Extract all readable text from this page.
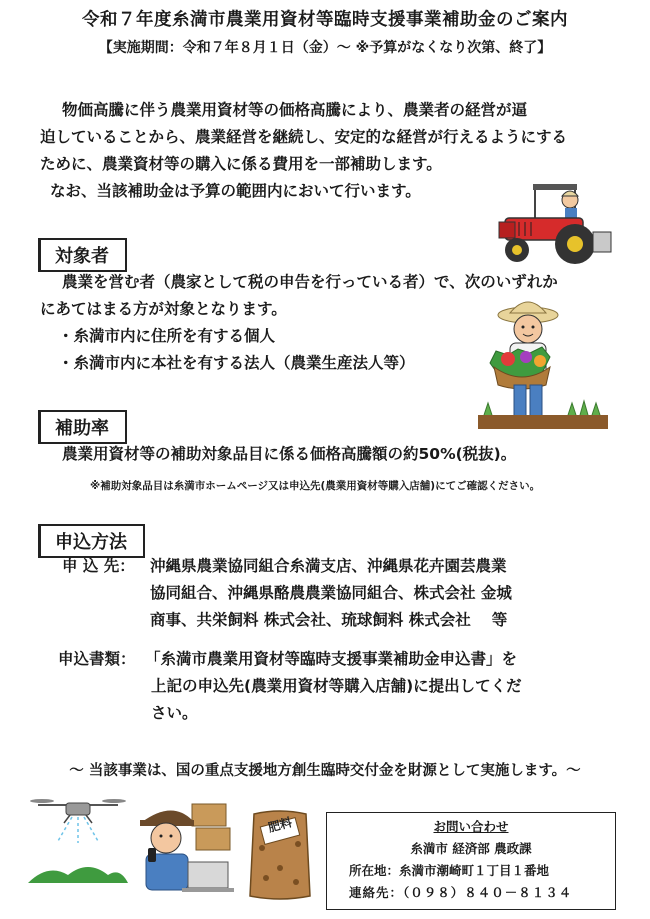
令和７年度糸満市農業用資材等臨時支援事業補助金のご案内
【実施期間：令和７年８月１日（金）～ ※予算がなくなり次第、終了】
物価高騰に伴う農業用資材等の価格高騰により、農業者の経営が逼
迫していることから、農業経営を継続し、安定的な経営が行えるようにする
ために、農業資材等の購入に係る費用を一部補助します。
なお、当該補助金は予算の範囲内において行います。
対象者
農業を営む者（農家として税の申告を行っている者）で、次のいずれか
にあてはまる方が対象となります。
・糸満市内に住所を有する個人
・糸満市内に本社を有する法人（農業生産法人等）
補助率
農業用資材等の補助対象品目に係る価格高騰額の約50%(税抜)。
※補助対象品目は糸満市ホームページ又は申込先(農業用資材等購入店舗)にてご確認ください。
申込方法
申 込 先： 沖縄県農業協同組合糸満支店、沖縄県花卉園芸農業
協同組合、沖縄県酪農農業協同組合、株式会社 金城
商事、共栄飼料 株式会社、琉球飼料 株式会社　 等
申込書類： 「糸満市農業用資材等臨時支援事業補助金申込書」を
上記の申込先(農業用資材等購入店舗)に提出してくだ
さい。
～ 当該事業は、国の重点支援地方創生臨時交付金を財源として実施します。～
肥料	お問い合わせ
糸満市 経済部 農政課
所在地：糸満市潮崎町１丁目１番地
連絡先：（０９８）８４０－８１３４
